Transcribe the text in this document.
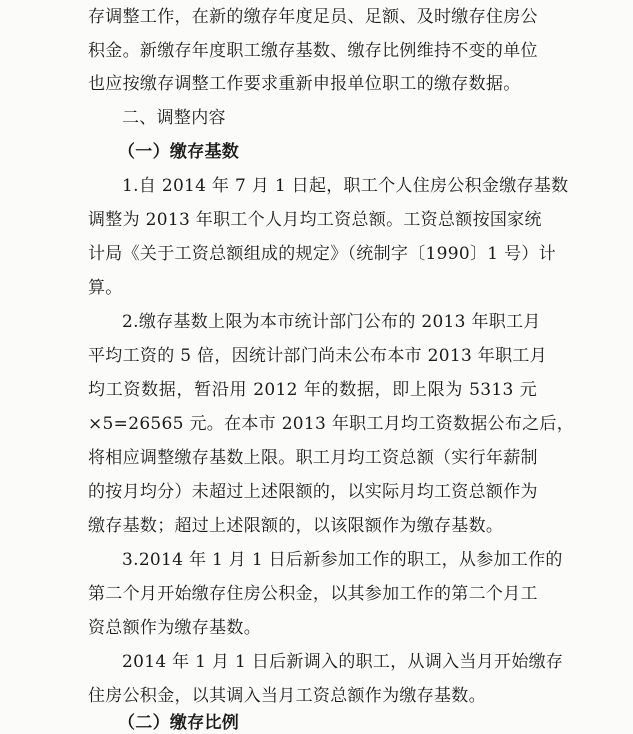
存调整工作，在新的缴存年度足员、足额、及时缴存住房公
积金。新缴存年度职工缴存基数、缴存比例维持不变的单位
也应按缴存调整工作要求重新申报单位职工的缴存数据。
二、调整内容
（一）缴存基数
1.自 2014 年 7 月 1 日起，职工个人住房公积金缴存基数
调整为 2013 年职工个人月均工资总额。工资总额按国家统
计局《关于工资总额组成的规定》（统制字〔1990〕1 号）计
算。
2.缴存基数上限为本市统计部门公布的 2013 年职工月
平均工资的 5 倍，因统计部门尚未公布本市 2013 年职工月
均工资数据，暂沿用 2012 年的数据，即上限为 5313 元
×5=26565 元。在本市 2013 年职工月均工资数据公布之后，
将相应调整缴存基数上限。职工月均工资总额（实行年薪制
的按月均分）未超过上述限额的，以实际月均工资总额作为
缴存基数；超过上述限额的，以该限额作为缴存基数。
3.2014 年 1 月 1 日后新参加工作的职工，从参加工作的
第二个月开始缴存住房公积金，以其参加工作的第二个月工
资总额作为缴存基数。
2014 年 1 月 1 日后新调入的职工，从调入当月开始缴存
住房公积金，以其调入当月工资总额作为缴存基数。
（二）缴存比例
